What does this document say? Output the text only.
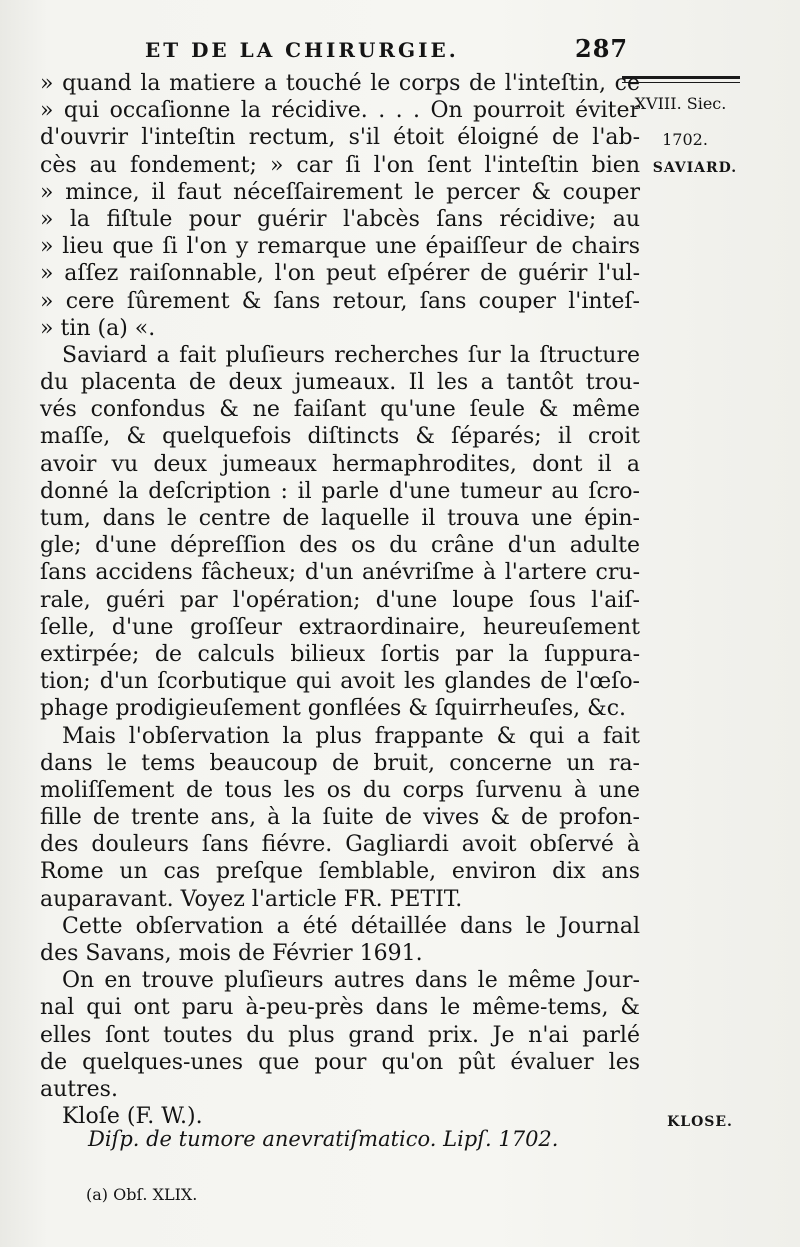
ET DE LA CHIRURGIE.	287
XVIII. Siec.
1702.
SAVIARD.
KLOSE.
» quand la matiere a touché le corps de l'inteſtin, ce
» qui occaſionne la récidive. . . . On pourroit éviter
d'ouvrir l'inteſtin rectum, s'il étoit éloigné de l'ab-
cès au fondement; » car ſi l'on ſent l'inteſtin bien
» mince, il faut néceſſairement le percer & couper
» la fiſtule pour guérir l'abcès ſans récidive; au
» lieu que ſi l'on y remarque une épaiſſeur de chairs
» aſſez raiſonnable, l'on peut eſpérer de guérir l'ul-
» cere ſûrement & ſans retour, ſans couper l'inteſ-
» tin (a) «.
Saviard a fait pluſieurs recherches ſur la ſtructure
du placenta de deux jumeaux. Il les a tantôt trou-
vés confondus & ne faiſant qu'une ſeule & même
maſſe, & quelquefois diſtincts & ſéparés; il croit
avoir vu deux jumeaux hermaphrodites, dont il a
donné la deſcription : il parle d'une tumeur au ſcro-
tum, dans le centre de laquelle il trouva une épin-
gle; d'une dépreſſion des os du crâne d'un adulte
ſans accidens fâcheux; d'un anévriſme à l'artere cru-
rale, guéri par l'opération; d'une loupe ſous l'aiſ-
ſelle, d'une groſſeur extraordinaire, heureuſement
extirpée; de calculs bilieux ſortis par la ſuppura-
tion; d'un ſcorbutique qui avoit les glandes de l'œſo-
phage prodigieuſement gonflées & ſquirrheuſes, &c.
Mais l'obſervation la plus frappante & qui a fait
dans le tems beaucoup de bruit, concerne un ra-
moliſſement de tous les os du corps ſurvenu à une
fille de trente ans, à la ſuite de vives & de profon-
des douleurs ſans fiévre. Gagliardi avoit obſervé à
Rome un cas preſque ſemblable, environ dix ans
auparavant. Voyez l'article FR. PETIT.
Cette obſervation a été détaillée dans le Journal
des Savans, mois de Février 1691.
On en trouve pluſieurs autres dans le même Jour-
nal qui ont paru à-peu-près dans le même-tems, &
elles ſont toutes du plus grand prix. Je n'ai parlé
de quelques-unes que pour qu'on pût évaluer les
autres.
Kloſe (F. W.).
Diſp. de tumore anevratiſmatico. Lipſ. 1702.
(a) Obſ. XLIX.
